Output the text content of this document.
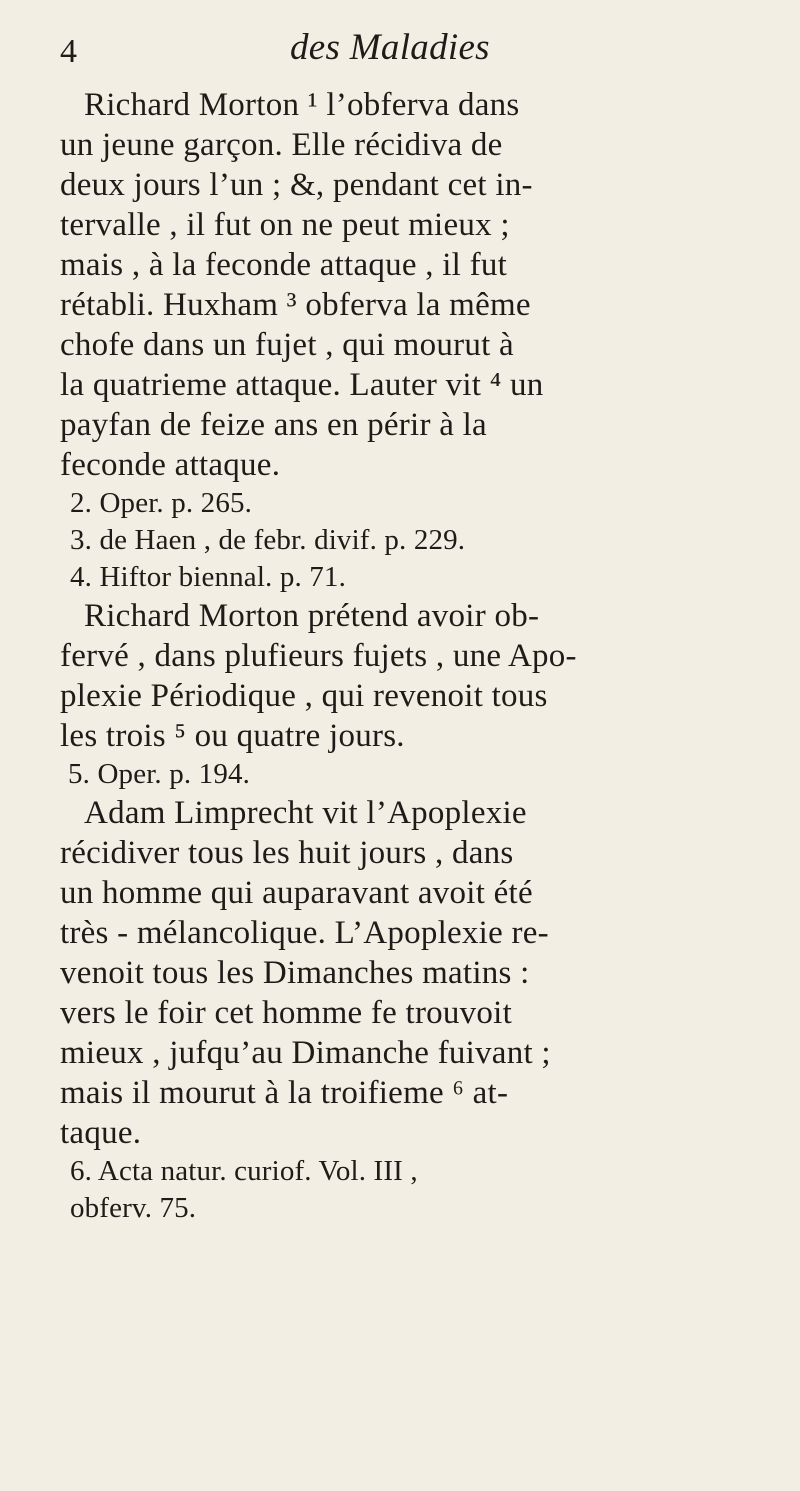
4	des Maladies
Richard Morton ¹ l’obferva dans
un jeune garçon. Elle récidiva de
deux jours l’un ; &, pendant cet in-
tervalle , il fut on ne peut mieux ;
mais , à la feconde attaque , il fut
rétabli. Huxham ³ obferva la même
chofe dans un fujet , qui mourut à
la quatrieme attaque. Lauter vit ⁴ un
payfan de feize ans en périr à la
feconde attaque.
2. Oper. p. 265.
3. de Haen , de febr. divif. p. 229.
4. Hiftor biennal. p. 71.
Richard Morton prétend avoir ob-
fervé , dans plufieurs fujets , une Apo-
plexie Périodique , qui revenoit tous
les trois ⁵ ou quatre jours.
5. Oper. p. 194.
Adam Limprecht vit l’Apoplexie
récidiver tous les huit jours , dans
un homme qui auparavant avoit été
très - mélancolique. L’Apoplexie re-
venoit tous les Dimanches matins :
vers le foir cet homme fe trouvoit
mieux , jufqu’au Dimanche fuivant ;
mais il mourut à la troifieme ⁶ at-
taque.
6. Acta natur. curiof. Vol. III ,
obferv. 75.
